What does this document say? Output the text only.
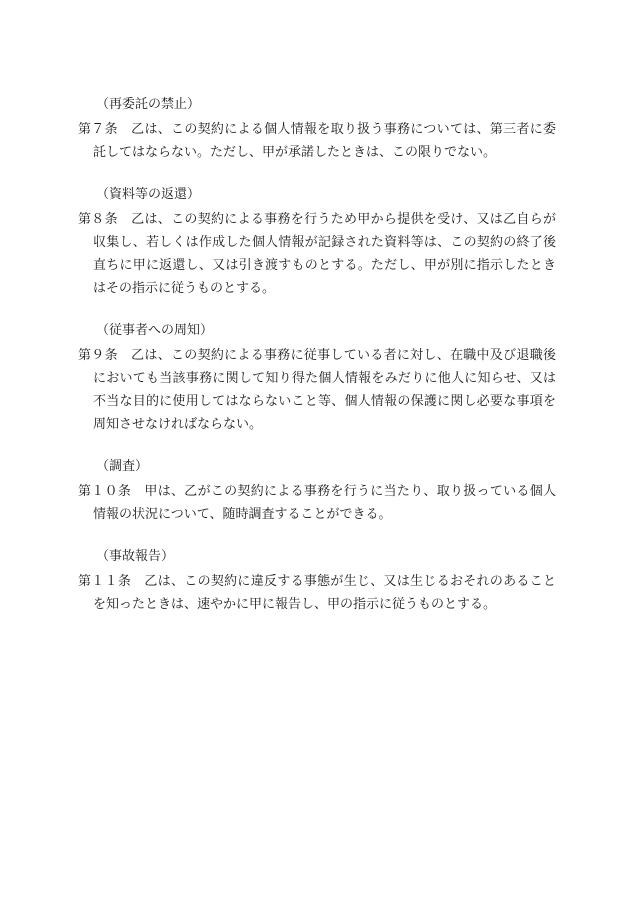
（再委託の禁止）
第７条　乙は、この契約による個人情報を取り扱う事務については、第三者に委託してはならない。ただし、甲が承諾したときは、この限りでない。
（資料等の返還）
第８条　乙は、この契約による事務を行うため甲から提供を受け、又は乙自らが収集し、若しくは作成した個人情報が記録された資料等は、この契約の終了後直ちに甲に返還し、又は引き渡すものとする。ただし、甲が別に指示したときはその指示に従うものとする。
（従事者への周知）
第９条　乙は、この契約による事務に従事している者に対し、在職中及び退職後においても当該事務に関して知り得た個人情報をみだりに他人に知らせ、又は不当な目的に使用してはならないこと等、個人情報の保護に関し必要な事項を周知させなければならない。
（調査）
第１０条　甲は、乙がこの契約による事務を行うに当たり、取り扱っている個人情報の状況について、随時調査することができる。
（事故報告）
第１１条　乙は、この契約に違反する事態が生じ、又は生じるおそれのあることを知ったときは、速やかに甲に報告し、甲の指示に従うものとする。
